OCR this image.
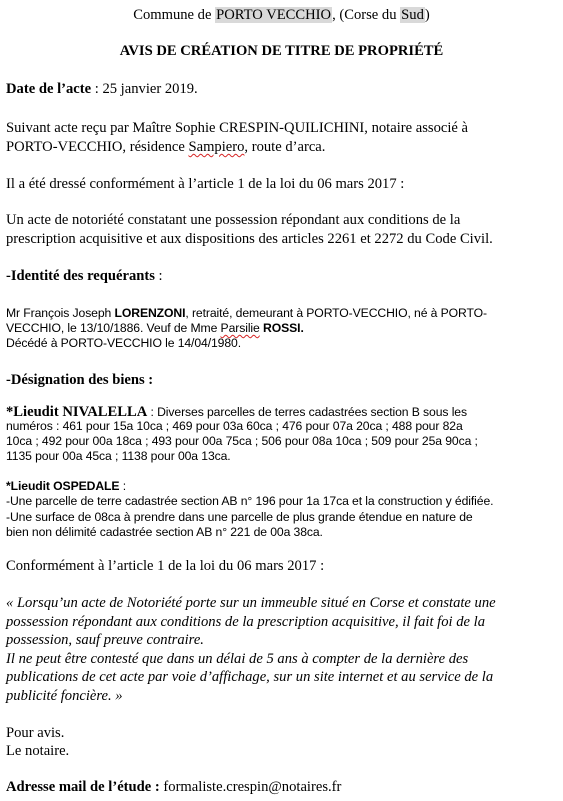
Commune de PORTO VECCHIO, (Corse du Sud)
AVIS DE CRÉATION DE TITRE DE PROPRIÉTÉ
Date de l’acte : 25 janvier 2019.
Suivant acte reçu par Maître Sophie CRESPIN-QUILICHINI, notaire associé à
PORTO-VECCHIO, résidence Sampiero, route d’arca.
Il a été dressé conformément à l’article 1 de la loi du 06 mars 2017 :
Un acte de notoriété constatant une possession répondant aux conditions de la
prescription acquisitive et aux dispositions des articles 2261 et 2272 du Code Civil.
-Identité des requérants :
Mr François Joseph LORENZONI, retraité, demeurant à PORTO-VECCHIO, né à PORTO-
VECCHIO, le 13/10/1886. Veuf de Mme Parsilie ROSSI.
Décédé à PORTO-VECCHIO le 14/04/1980.
-Désignation des biens :
*Lieudit NIVALELLA : Diverses parcelles de terres cadastrées section B sous les
numéros : 461 pour 15a 10ca ; 469 pour 03a 60ca ; 476 pour 07a 20ca ; 488 pour 82a
10ca ; 492 pour 00a 18ca ; 493 pour 00a 75ca ; 506 pour 08a 10ca ; 509 pour 25a 90ca ;
1135 pour 00a 45ca ; 1138 pour 00a 13ca.
*Lieudit OSPEDALE :
-Une parcelle de terre cadastrée section AB n° 196 pour 1a 17ca et la construction y édifiée.
-Une surface de 08ca à prendre dans une parcelle de plus grande étendue en nature de
bien non délimité cadastrée section AB n° 221 de 00a 38ca.
Conformément à l’article 1 de la loi du 06 mars 2017 :
« Lorsqu’un acte de Notoriété porte sur un immeuble situé en Corse et constate une
possession répondant aux conditions de la prescription acquisitive, il fait foi de la
possession, sauf preuve contraire.
Il ne peut être contesté que dans un délai de 5 ans à compter de la dernière des
publications de cet acte par voie d’affichage, sur un site internet et au service de la
publicité foncière. »
Pour avis.
Le notaire.
Adresse mail de l’étude : formaliste.crespin@notaires.fr
